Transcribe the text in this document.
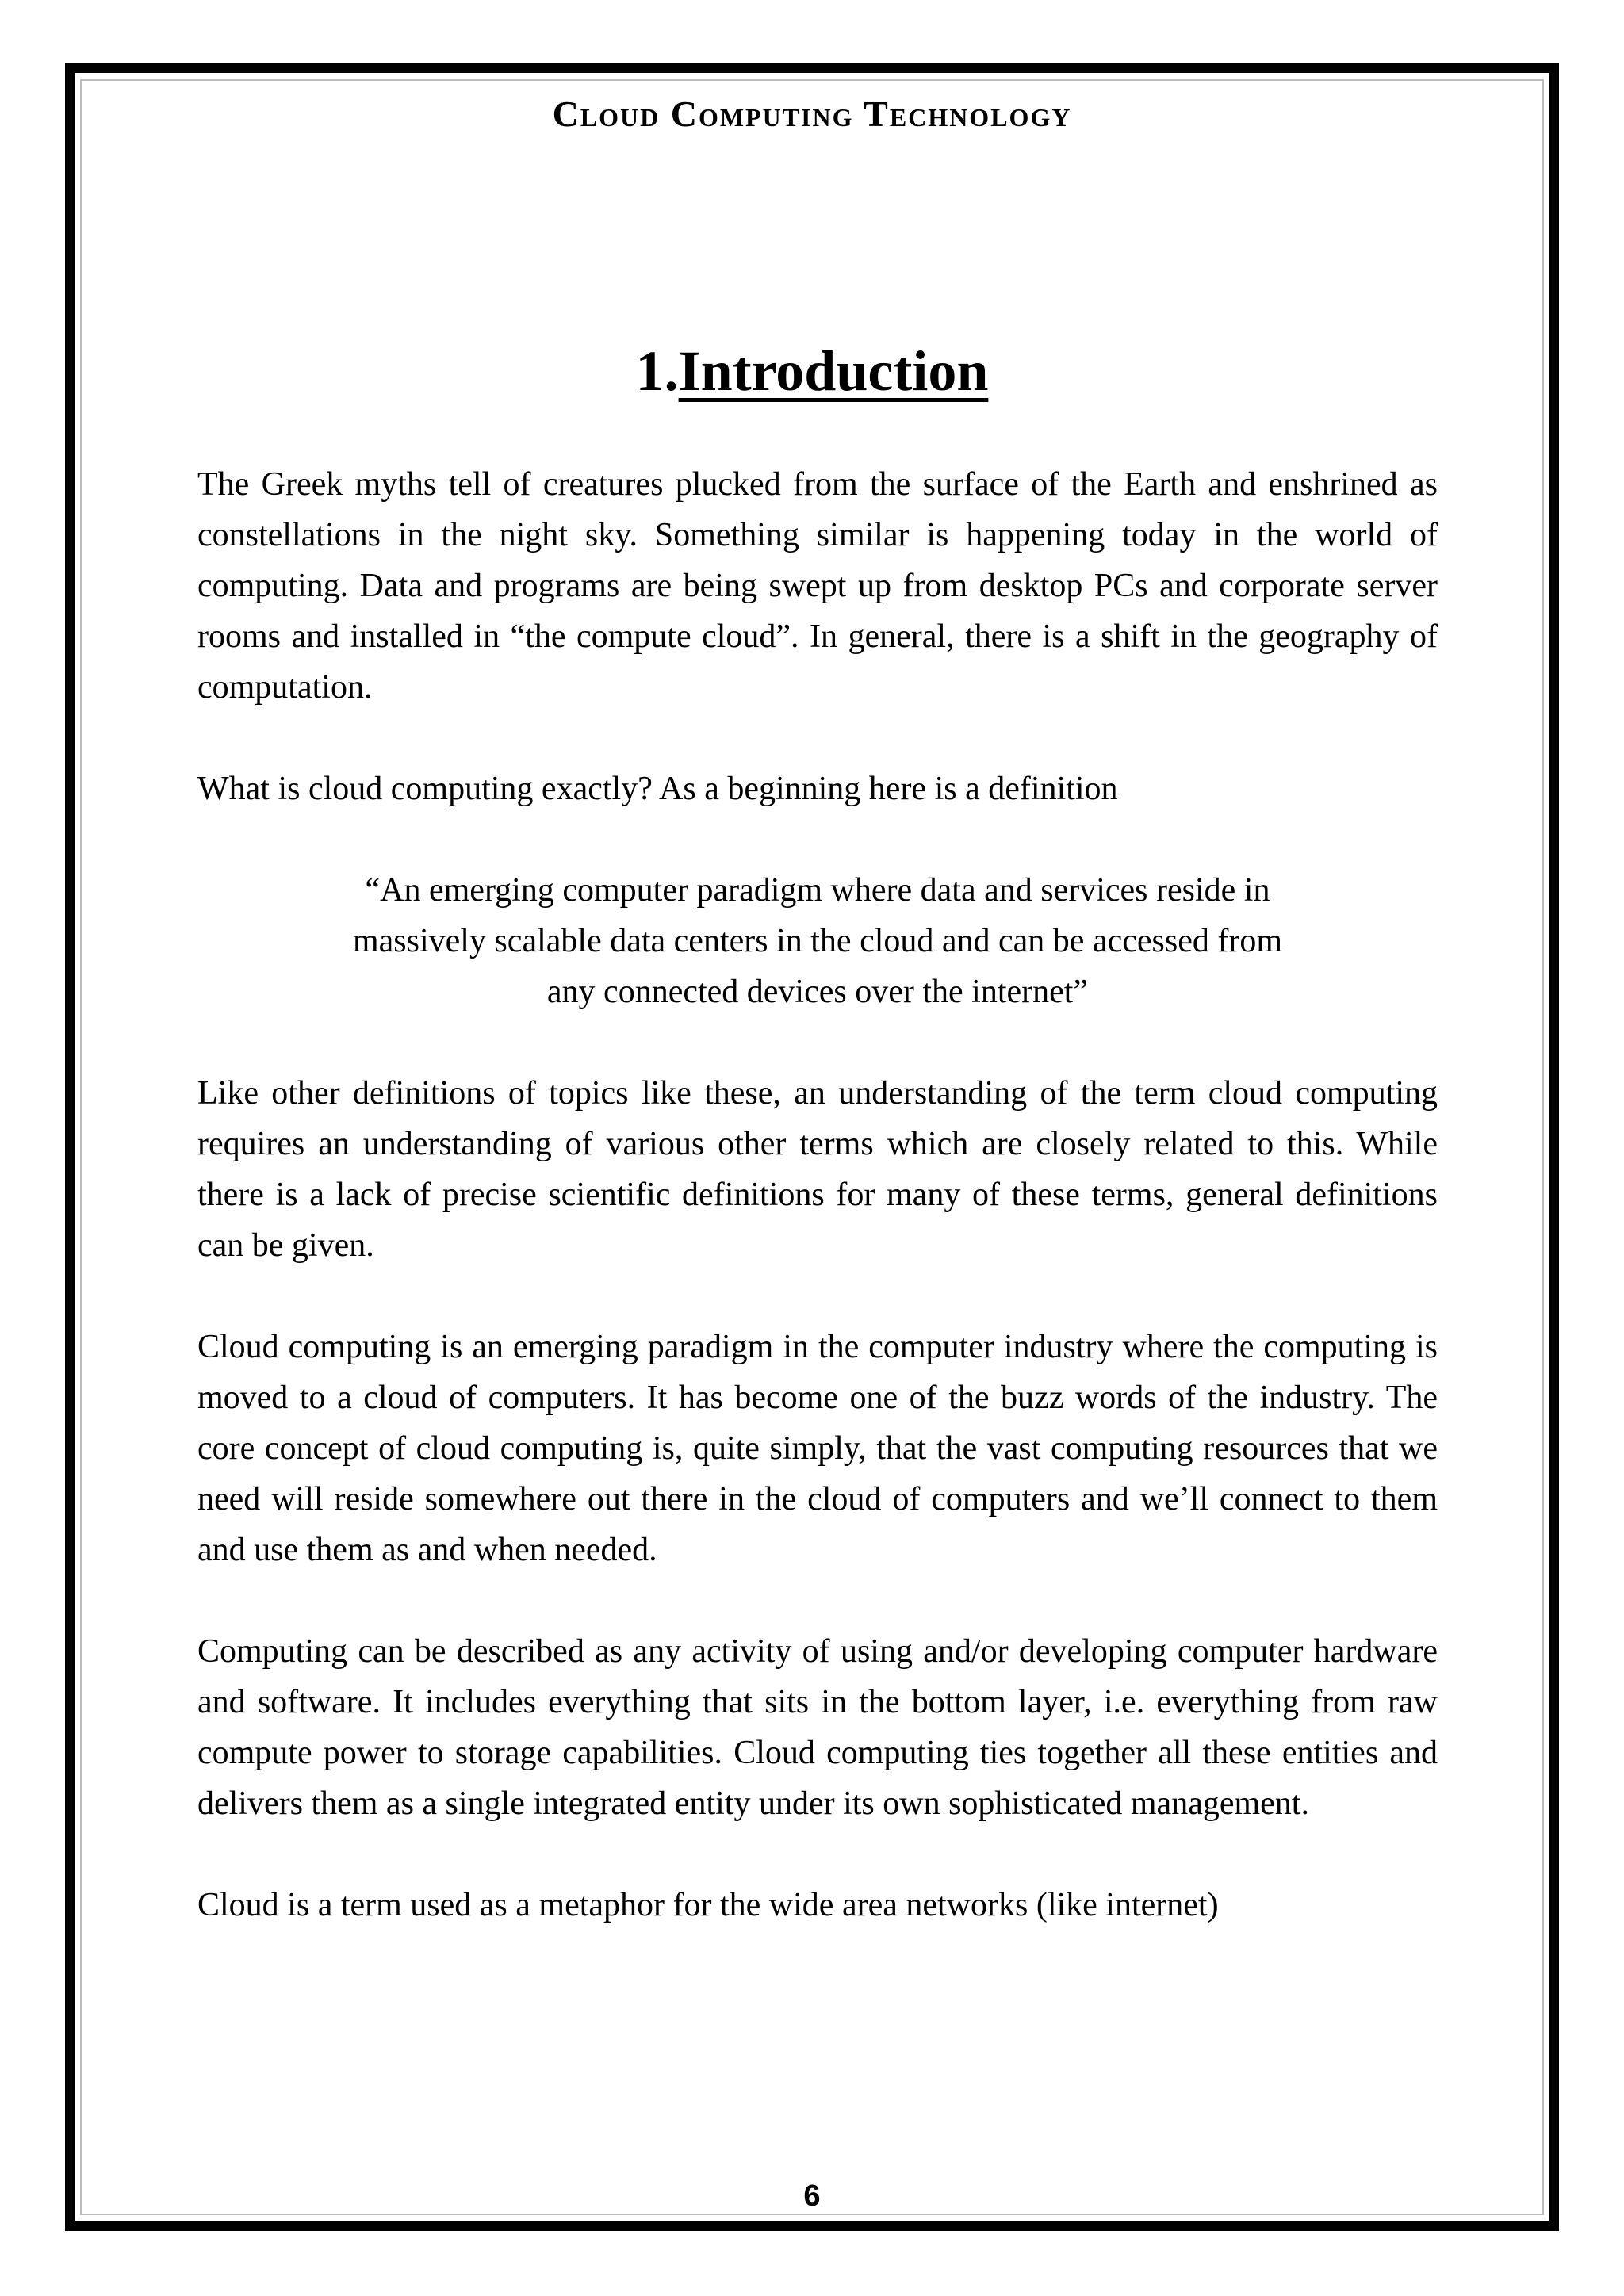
Cloud Computing Technology
1.Introduction

The Greek myths tell of creatures plucked from the surface of the Earth and enshrined as constellations in the night sky. Something similar is happening today in the world of computing. Data and programs are being swept up from desktop PCs and corporate server rooms and installed in “the compute cloud”. In general, there is a shift in the geography of computation.

What is cloud computing exactly? As a beginning here is a definition

“An emerging computer paradigm where data and services reside in massively scalable data centers in the cloud and can be accessed from any connected devices over the internet”

Like other definitions of topics like these, an understanding of the term cloud computing requires an understanding of various other terms which are closely related to this. While there is a lack of precise scientific definitions for many of these terms, general definitions can be given.

Cloud computing is an emerging paradigm in the computer industry where the computing is moved to a cloud of computers. It has become one of the buzz words of the industry. The core concept of cloud computing is, quite simply, that the vast computing resources that we need will reside somewhere out there in the cloud of computers and we’ll connect to them and use them as and when needed.

Computing can be described as any activity of using and/or developing computer hardware and software. It includes everything that sits in the bottom layer, i.e. everything from raw compute power to storage capabilities. Cloud computing ties together all these entities and delivers them as a single integrated entity under its own sophisticated management.

Cloud is a term used as a metaphor for the wide area networks (like internet)

6
